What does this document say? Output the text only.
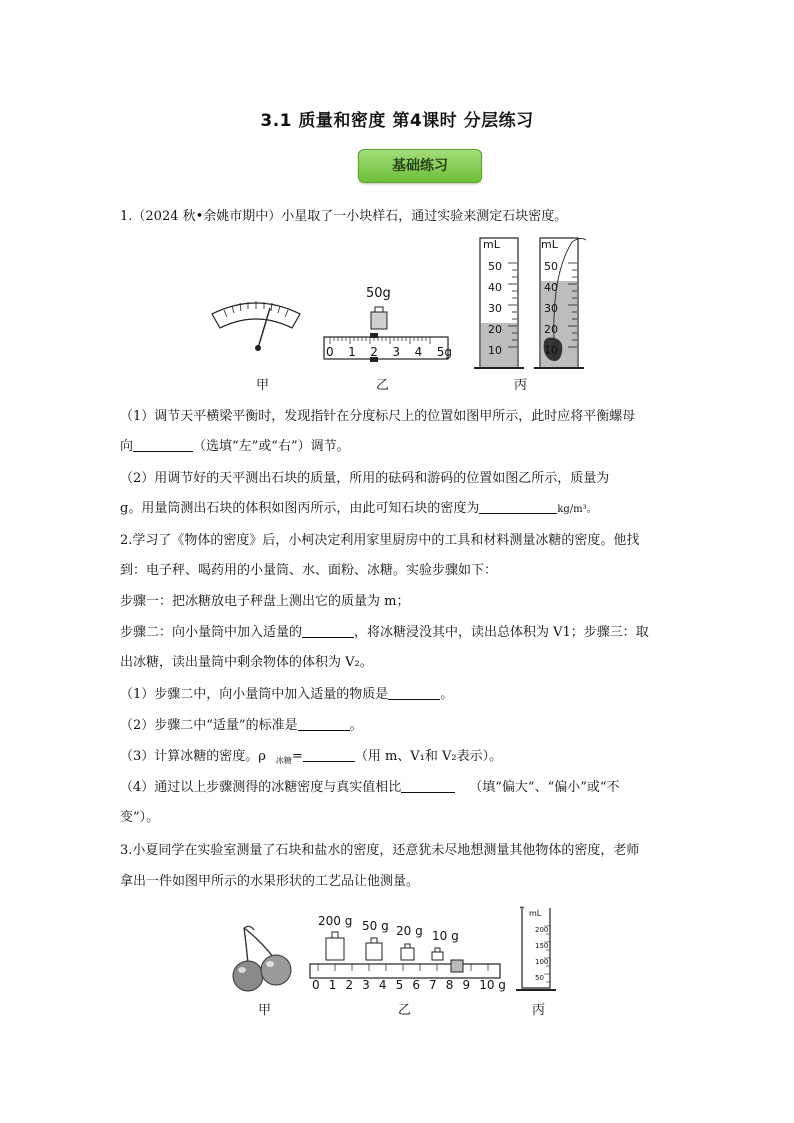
3.1 质量和密度 第4课时 分层练习
基础练习
1.（2024 秋•余姚市期中）小星取了一小块样石，通过实验来测定石块密度。
甲
50g
0 1 2 3 4 5g
乙
mL	mL
50
40
30
20
10
50
40
30
20
10
丙
（1）调节天平横梁平衡时，发现指针在分度标尺上的位置如图甲所示，此时应将平衡螺母
向	（选填“左”或“右”）调节。
（2）用调节好的天平测出石块的质量，所用的砝码和游码的位置如图乙所示，质量为
g。用量筒测出石块的体积如图丙所示，由此可知石块的密度为	kg/m³。
2.学习了《物体的密度》后，小柯决定利用家里厨房中的工具和材料测量冰糖的密度。他找
到：电子秤、喝药用的小量筒、水、面粉、冰糖。实验步骤如下：
步骤一：把冰糖放电子秤盘上测出它的质量为 m；
步骤二：向小量筒中加入适量的	，将冰糖浸没其中，读出总体积为 V1；步骤三：取
出冰糖，读出量筒中剩余物体的体积为 V₂。
（1）步骤二中，向小量筒中加入适量的物质是	。
（2）步骤二中“适量”的标准是	。
（3）计算冰糖的密度。ρ $_{冰糖}$=	（用 m、V₁和 V₂表示）。
（4）通过以上步骤测得的冰糖密度与真实值相比	（填“偏大”、“偏小”或“不
变”）。
3.小夏同学在实验室测量了石块和盐水的密度，还意犹未尽地想测量其他物体的密度，老师
拿出一件如图甲所示的水果形状的工艺品让他测量。
甲
200 g 50 g 20 g 10 g
0 1 2 3 4 5 6 7 8 9 10 g
乙
mL
200
150
100
50
丙
